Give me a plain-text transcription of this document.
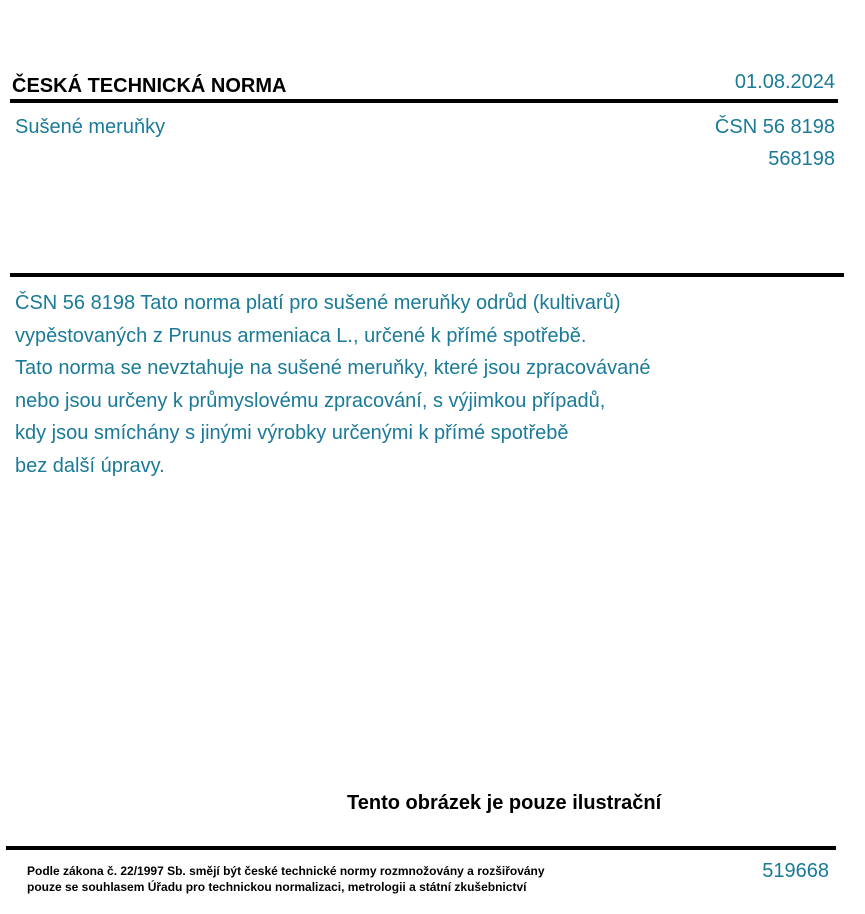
ČESKÁ TECHNICKÁ NORMA	01.08.2024
Sušené meruňky	ČSN 56 8198
568198
ČSN 56 8198 Tato norma platí pro sušené meruňky odrůd (kultivarů)
vypěstovaných z Prunus armeniaca L., určené k přímé spotřebě.
Tato norma se nevztahuje na sušené meruňky, které jsou zpracovávané
nebo jsou určeny k průmyslovému zpracování, s výjimkou případů,
kdy jsou smíchány s jinými výrobky určenými k přímé spotřebě
bez další úpravy.
Tento obrázek je pouze ilustrační
Podle zákona č. 22/1997 Sb. smějí být české technické normy rozmnožovány a rozšiřovány
pouze se souhlasem Úřadu pro technickou normalizaci, metrologii a státní zkušebnictví
519668
